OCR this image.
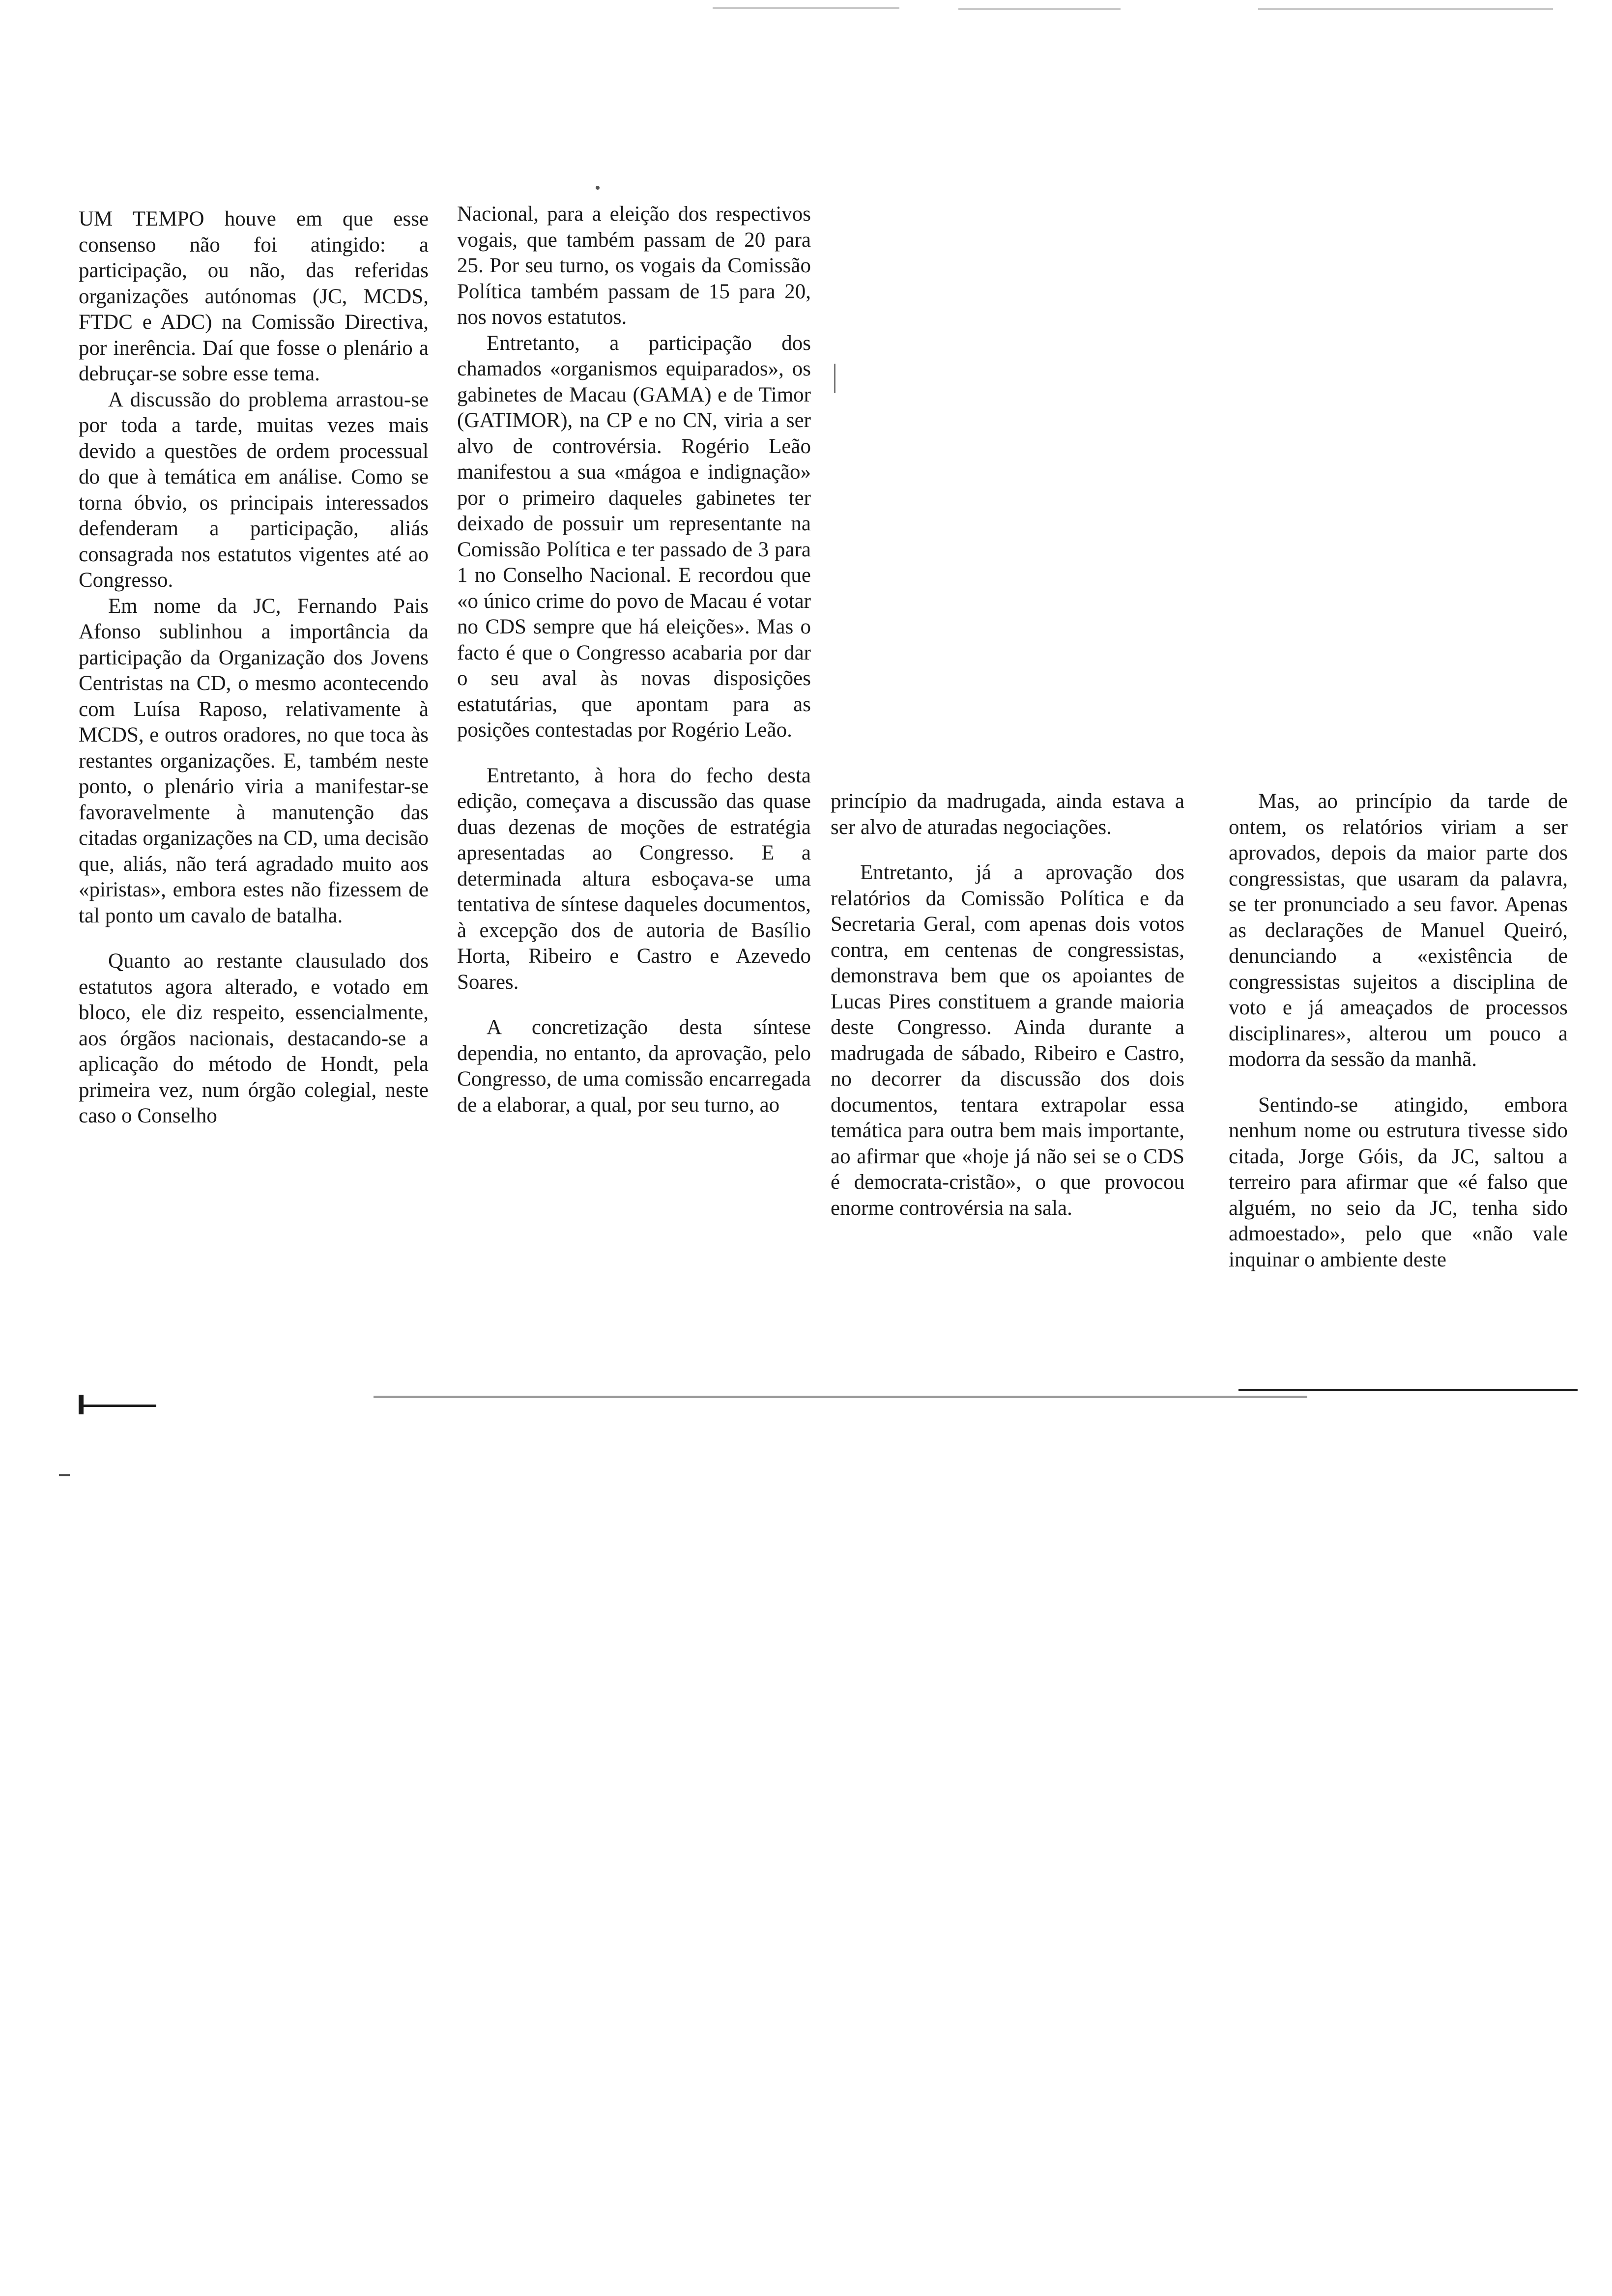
UM TEMPO houve em que esse consenso não foi atingido: a participação, ou não, das referidas organizações autónomas (JC, MCDS, FTDC e ADC) na Comissão Directiva, por inerência. Daí que fosse o plenário a debruçar-se sobre esse tema.

A discussão do problema arrastou-se por toda a tarde, muitas vezes mais devido a questões de ordem processual do que à temática em análise. Como se torna óbvio, os principais interessados defenderam a participação, aliás consagrada nos estatutos vigentes até ao Congresso.

Em nome da JC, Fernando Pais Afonso sublinhou a importância da participação da Organização dos Jovens Centristas na CD, o mesmo acontecendo com Luísa Raposo, relativamente à MCDS, e outros oradores, no que toca às restantes organizações. E, também neste ponto, o plenário viria a manifestar-se favoravelmente à manutenção das citadas organizações na CD, uma decisão que, aliás, não terá agradado muito aos «piristas», embora estes não fizessem de tal ponto um cavalo de batalha.

Quanto ao restante clausulado dos estatutos agora alterado, e votado em bloco, ele diz respeito, essencialmente, aos órgãos nacionais, destacando-se a aplicação do método de Hondt, pela primeira vez, num órgão colegial, neste caso o Conselho

Nacional, para a eleição dos respectivos vogais, que também passam de 20 para 25. Por seu turno, os vogais da Comissão Política também passam de 15 para 20, nos novos estatutos.

Entretanto, a participação dos chamados «organismos equiparados», os gabinetes de Macau (GAMA) e de Timor (GATIMOR), na CP e no CN, viria a ser alvo de controvérsia. Rogério Leão manifestou a sua «mágoa e indignação» por o primeiro daqueles gabinetes ter deixado de possuir um representante na Comissão Política e ter passado de 3 para 1 no Conselho Nacional. E recordou que «o único crime do povo de Macau é votar no CDS sempre que há eleições». Mas o facto é que o Congresso acabaria por dar o seu aval às novas disposições estatutárias, que apontam para as posições contestadas por Rogério Leão.

Entretanto, à hora do fecho desta edição, começava a discussão das quase duas dezenas de moções de estratégia apresentadas ao Congresso. E a determinada altura esboçava-se uma tentativa de síntese daqueles documentos, à excepção dos de autoria de Basílio Horta, Ribeiro e Castro e Azevedo Soares.

A concretização desta síntese dependia, no entanto, da aprovação, pelo Congresso, de uma comissão encarregada de a elaborar, a qual, por seu turno, ao

princípio da madrugada, ainda estava a ser alvo de aturadas negociações.

Entretanto, já a aprovação dos relatórios da Comissão Política e da Secretaria Geral, com apenas dois votos contra, em centenas de congressistas, demonstrava bem que os apoiantes de Lucas Pires constituem a grande maioria deste Congresso. Ainda durante a madrugada de sábado, Ribeiro e Castro, no decorrer da discussão dos dois documentos, tentara extrapolar essa temática para outra bem mais importante, ao afirmar que «hoje já não sei se o CDS é democrata-cristão», o que provocou enorme controvérsia na sala.

Mas, ao princípio da tarde de ontem, os relatórios viriam a ser aprovados, depois da maior parte dos congressistas, que usaram da palavra, se ter pronunciado a seu favor. Apenas as declarações de Manuel Queiró, denunciando a «existência de congressistas sujeitos a disciplina de voto e já ameaçados de processos disciplinares», alterou um pouco a modorra da sessão da manhã.

Sentindo-se atingido, embora nenhum nome ou estrutura tivesse sido citada, Jorge Góis, da JC, saltou a terreiro para afirmar que «é falso que alguém, no seio da JC, tenha sido admoestado», pelo que «não vale inquinar o ambiente deste
